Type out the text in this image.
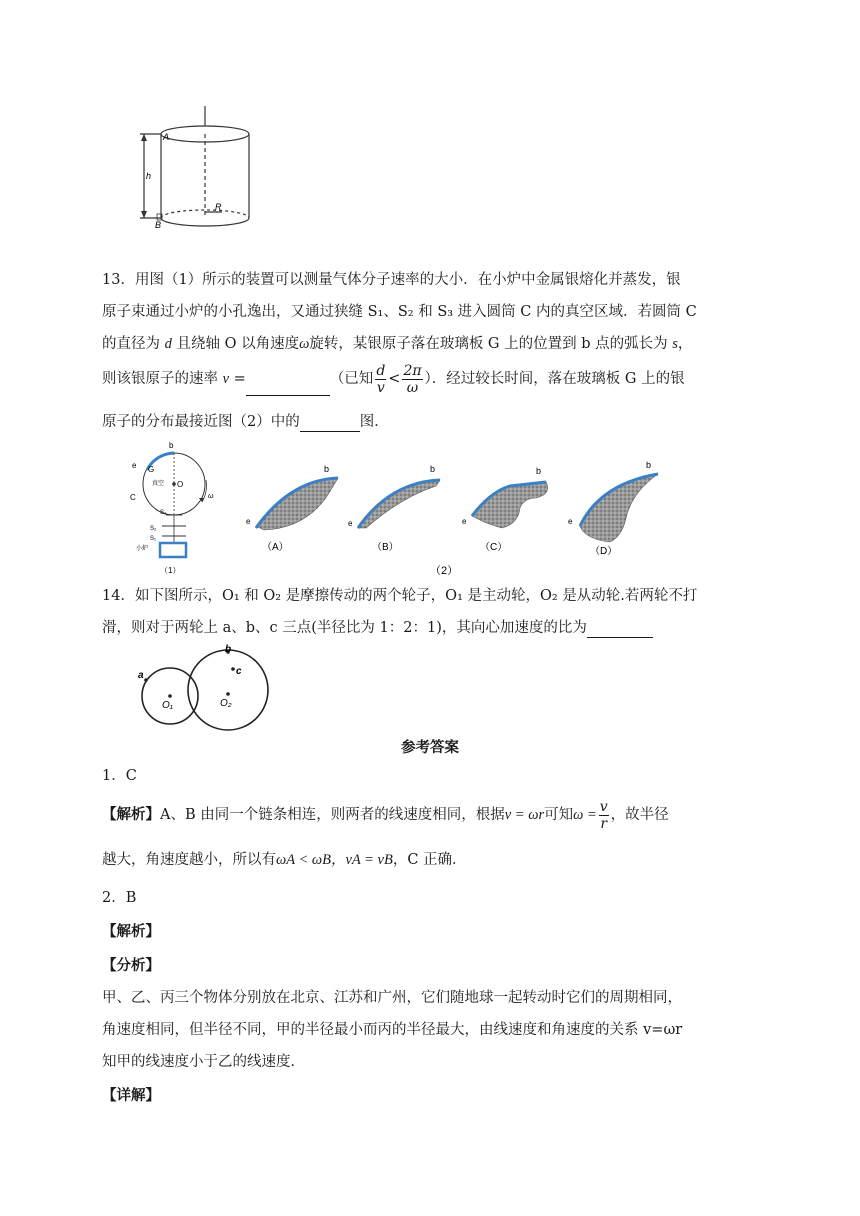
A
h
B
R
13．用图（1）所示的装置可以测量气体分子速率的大小．在小炉中金属银熔化并蒸发，银
原子束通过小炉的小孔逸出，又通过狭缝 S₁、S₂ 和 S₃ 进入圆筒 C 内的真空区域．若圆筒 C
的直径为 d 且绕轴 O 以角速度ω旋转，某银原子落在玻璃板 G 上的位置到 b 点的弧长为 s，
则该银原子的速率 v =	（已知 $\frac{d}{v} < \frac{2\pi}{\omega}$ ）．经过较长时间，落在玻璃板 G 上的银
原子的分布最接近图（2）中的	图．
b
e G
C
O
真空
ω
S₃
S₂
S₁
小炉
（1）
e
b
（A）
e
b
（B）
e
b
（C）
e
b
（D）
（2）
14．如下图所示，O₁ 和 O₂ 是摩擦传动的两个轮子，O₁ 是主动轮，O₂ 是从动轮.若两轮不打
滑，则对于两轮上 a、b、c 三点(半径比为 1：2：1)，其向心加速度的比为
a
b
c
O₁	O₂
参考答案
1．C
【解析】A、B 由同一个链条相连，则两者的线速度相同，根据v = ωr可知$\omega = \frac{v}{r}$ ，故半径
越大，角速度越小，所以有ωA < ωB，vA = vB，C 正确．
2．B
【解析】
【分析】
甲、乙、丙三个物体分别放在北京、江苏和广州，它们随地球一起转动时它们的周期相同，
角速度相同，但半径不同，甲的半径最小而丙的半径最大，由线速度和角速度的关系 v=ωr
知甲的线速度小于乙的线速度．
【详解】
